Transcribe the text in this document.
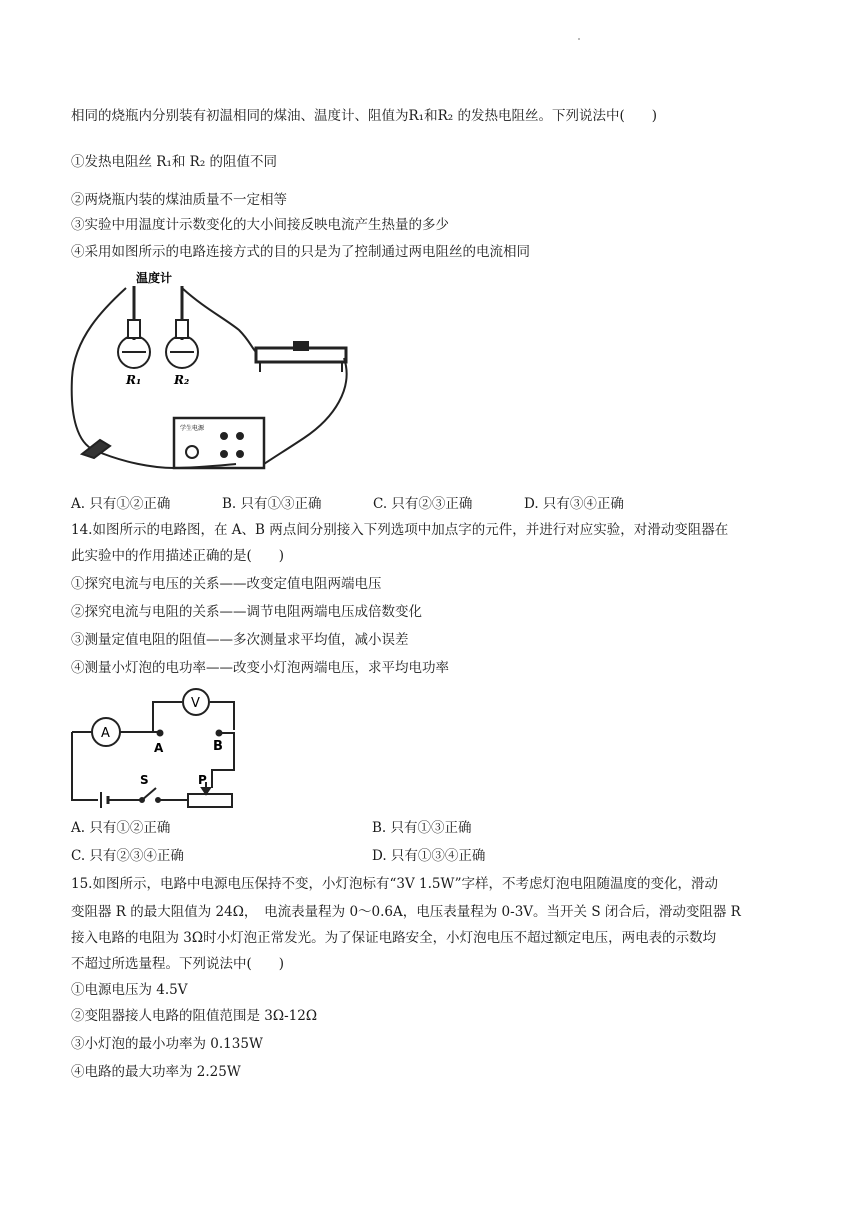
相同的烧瓶内分别装有初温相同的煤油、温度计、阻值为R₁和R₂ 的发热电阻丝。下列说法中(　　)
①发热电阻丝 R₁和 R₂ 的阻值不同
②两烧瓶内装的煤油质量不一定相等
③实验中用温度计示数变化的大小间接反映电流产生热量的多少
④采用如图所示的电路连接方式的目的只是为了控制通过两电阻丝的电流相同
温度计
R₁	R₂
学生电源
A. 只有①②正确	B. 只有①③正确	C. 只有②③正确	D. 只有③④正确
14.如图所示的电路图，在 A、B 两点间分别接入下列选项中加点字的元件，并进行对应实验，对滑动变阻器在
此实验中的作用描述正确的是(　　)
①探究电流与电压的关系——改变定值电阻两端电压
②探究电流与电阻的关系——调节电阻两端电压成倍数变化
③测量定值电阻的阻值——多次测量求平均值，减小误差
④测量小灯泡的电功率——改变小灯泡两端电压，求平均电功率
V
A
A	B
S	P
A. 只有①②正确	B. 只有①③正确
C. 只有②③④正确	D. 只有①③④正确
15.如图所示，电路中电源电压保持不变，小灯泡标有“3V 1.5W”字样，不考虑灯泡电阻随温度的变化，滑动
变阻器 R 的最大阻值为 24Ω，　电流表量程为 0～0.6A，电压表量程为 0-3V。当开关 S 闭合后，滑动变阻器 R
接入电路的电阻为 3Ω时小灯泡正常发光。为了保证电路安全，小灯泡电压不超过额定电压，两电表的示数均
不超过所选量程。下列说法中(　　)
①电源电压为 4.5V
②变阻器接人电路的阻值范围是 3Ω-12Ω
③小灯泡的最小功率为 0.135W
④电路的最大功率为 2.25W
